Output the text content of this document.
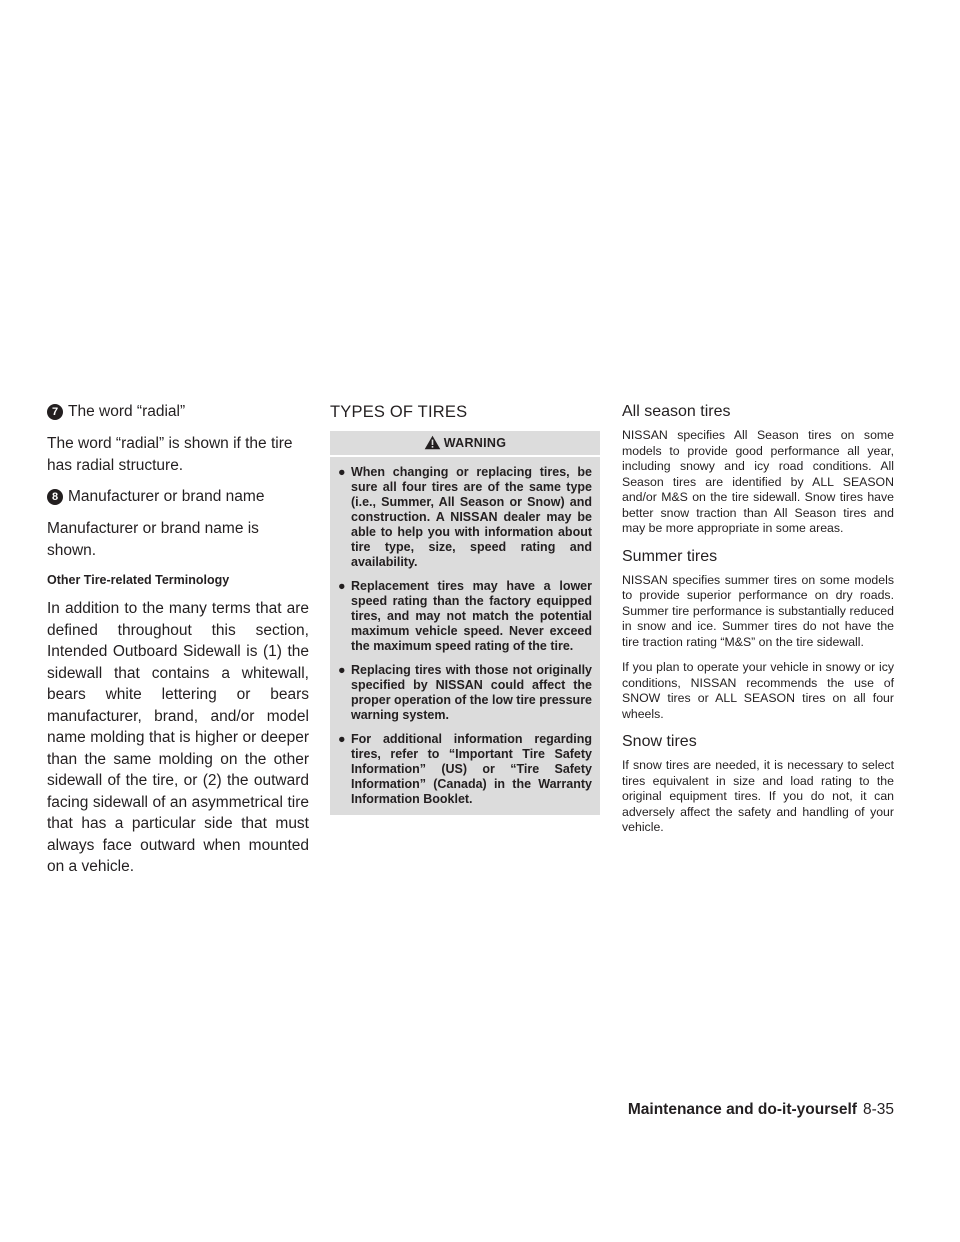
7 The word “radial”

The word “radial” is shown if the tire has radial structure.

8 Manufacturer or brand name

Manufacturer or brand name is shown.

Other Tire-related Terminology

In addition to the many terms that are defined throughout this section, Intended Outboard Sidewall is (1) the sidewall that contains a whitewall, bears white lettering or bears manufacturer, brand, and/or model name molding that is higher or deeper than the same molding on the other sidewall of the tire, or (2) the outward facing sidewall of an asymmetrical tire that has a particular side that must always face outward when mounted on a vehicle.

TYPES OF TIRES
WARNING
● When changing or replacing tires, be sure all four tires are of the same type (i.e., Summer, All Season or Snow) and construction. A NISSAN dealer may be able to help you with information about tire type, size, speed rating and availability.
● Replacement tires may have a lower speed rating than the factory equipped tires, and may not match the potential maximum vehicle speed. Never exceed the maximum speed rating of the tire.
● Replacing tires with those not originally specified by NISSAN could affect the proper operation of the low tire pressure warning system.
● For additional information regarding tires, refer to “Important Tire Safety Information” (US) or “Tire Safety Information” (Canada) in the Warranty Information Booklet.
All season tires

NISSAN specifies All Season tires on some models to provide good performance all year, including snowy and icy road conditions. All Season tires are identified by ALL SEASON and/or M&S on the tire sidewall. Snow tires have better snow traction than All Season tires and may be more appropriate in some areas.

Summer tires

NISSAN specifies summer tires on some models to provide superior performance on dry roads. Summer tire performance is substantially reduced in snow and ice. Summer tires do not have the tire traction rating “M&S” on the tire sidewall.

If you plan to operate your vehicle in snowy or icy conditions, NISSAN recommends the use of SNOW tires or ALL SEASON tires on all four wheels.

Snow tires

If snow tires are needed, it is necessary to select tires equivalent in size and load rating to the original equipment tires. If you do not, it can adversely affect the safety and handling of your vehicle.

Maintenance and do-it-yourself 8-35
